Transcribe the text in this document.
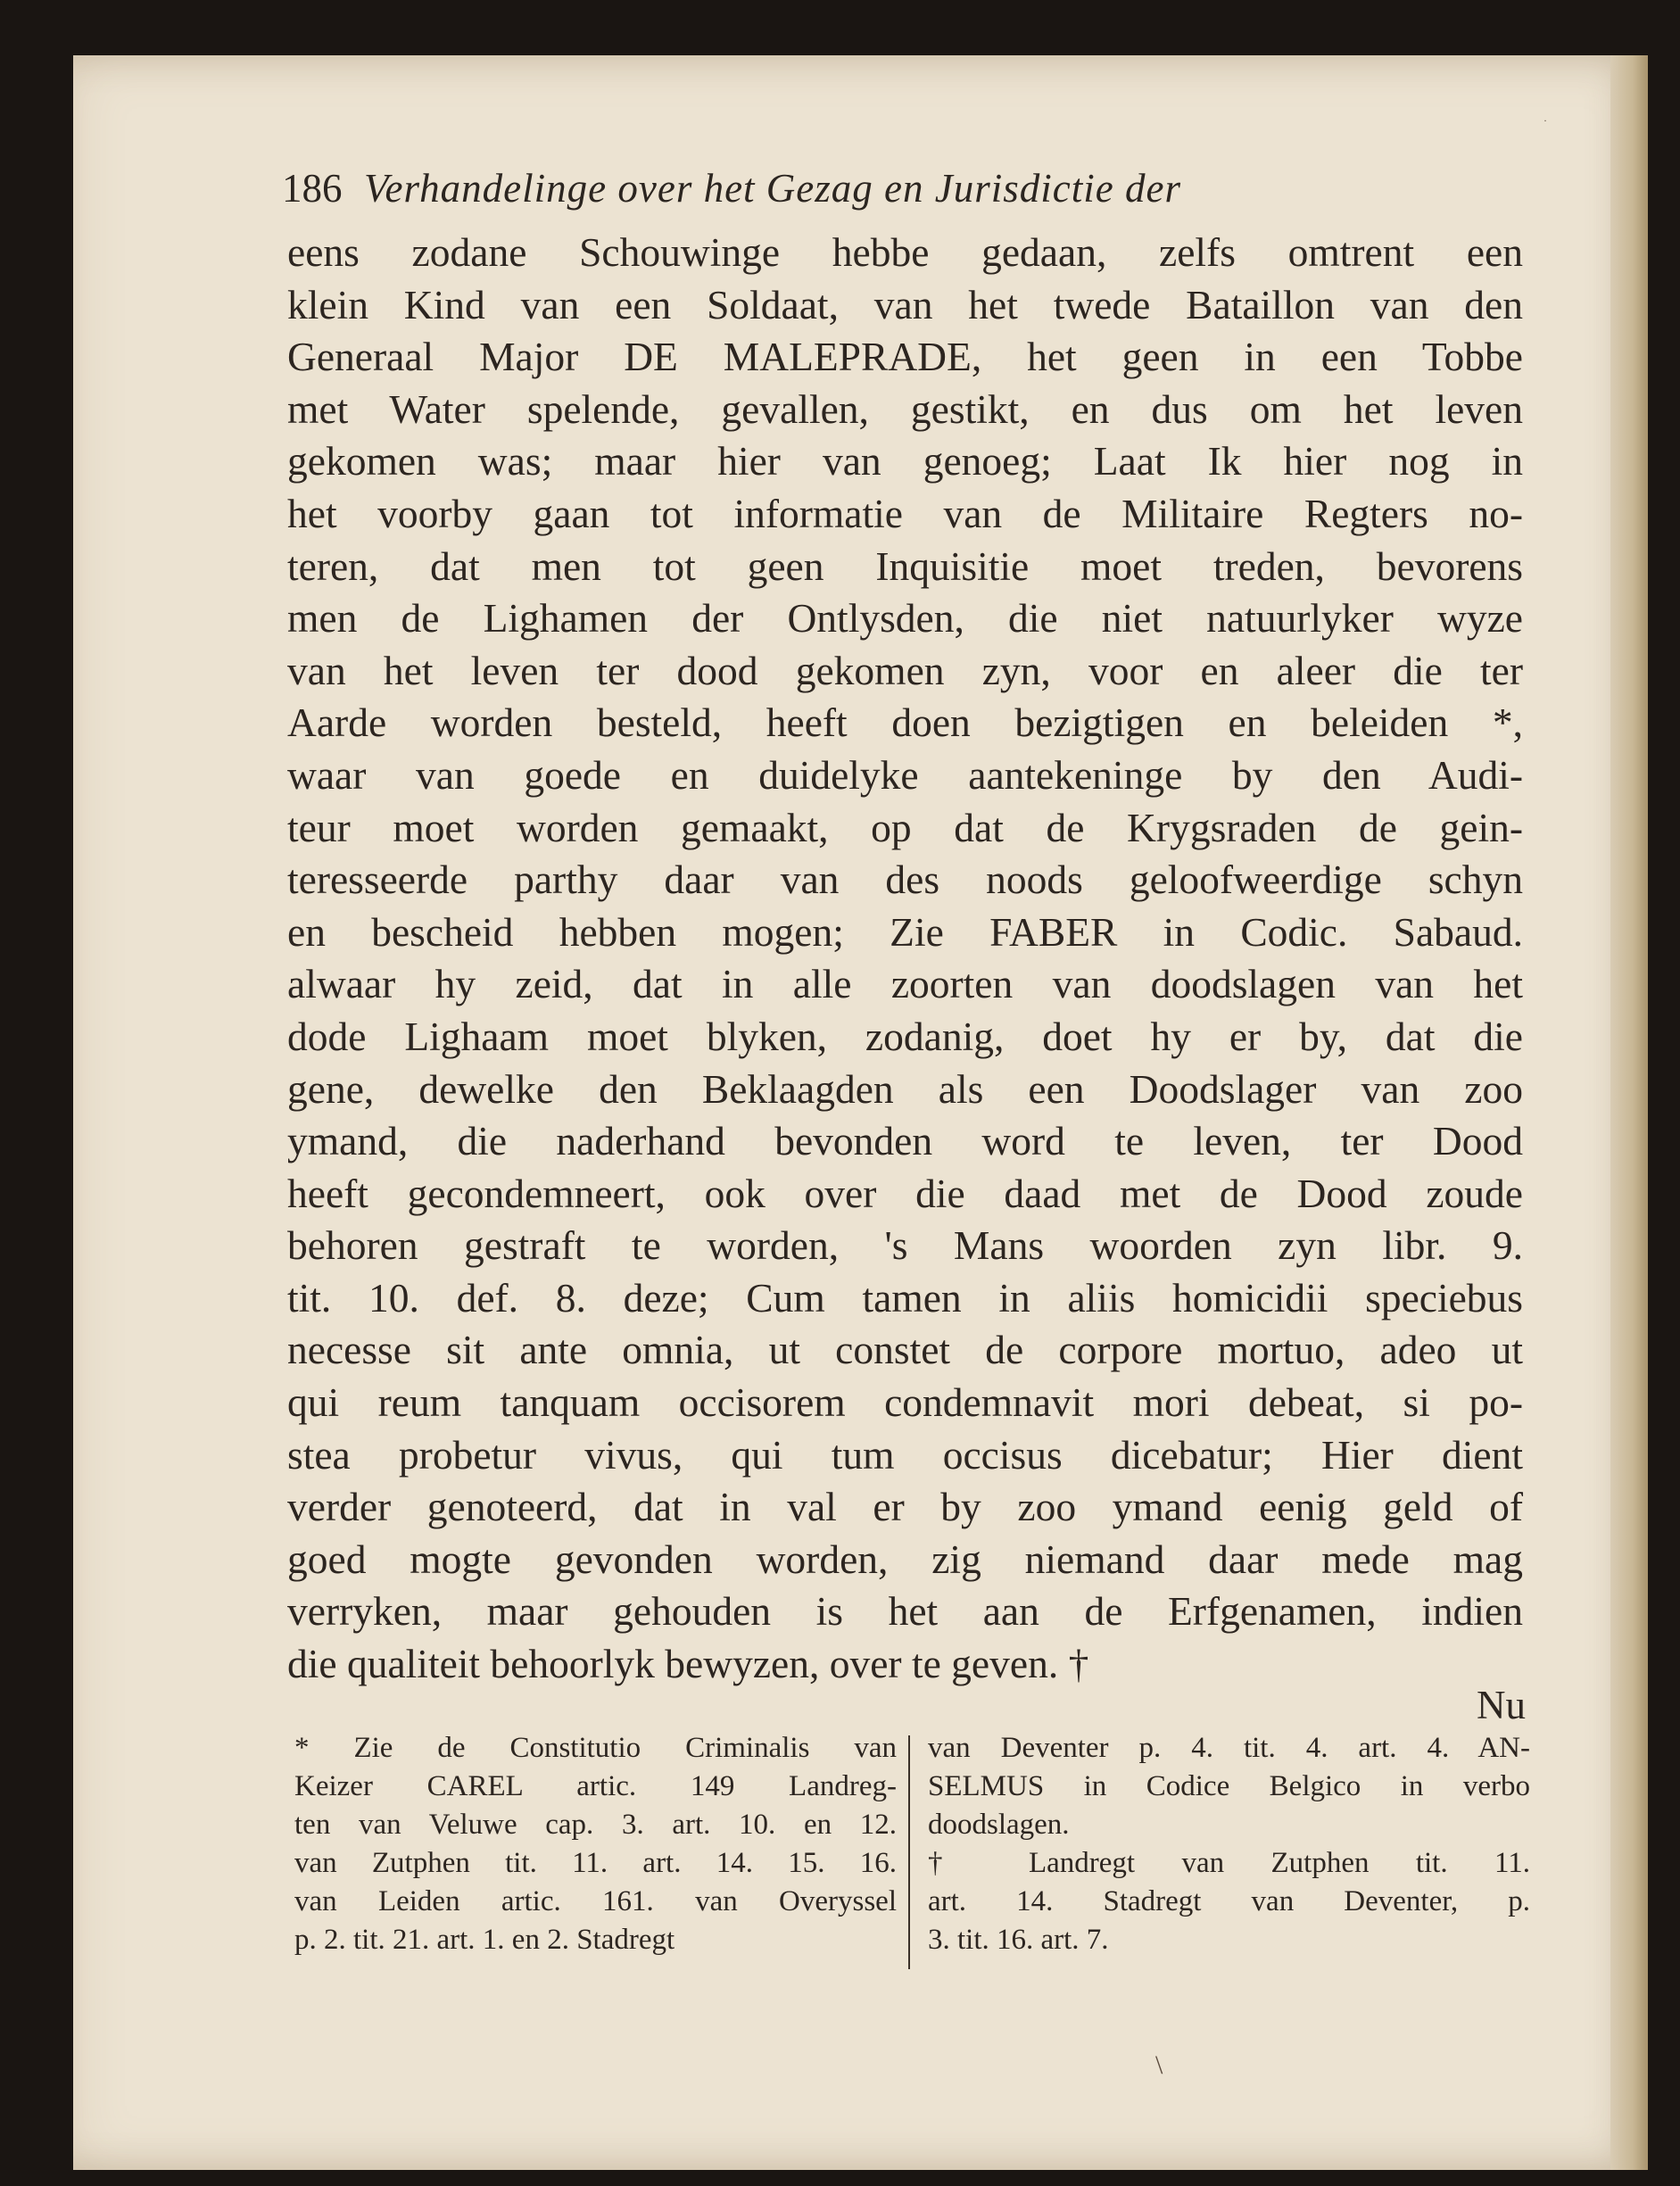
186 Verhandelinge over het Gezag en Jurisdictie der
eens zodane Schouwinge hebbe gedaan, zelfs omtrent een
klein Kind van een Soldaat, van het twede Bataillon van den
Generaal Major DE MALEPRADE, het geen in een Tobbe
met Water spelende, gevallen, gestikt, en dus om het leven
gekomen was; maar hier van genoeg; Laat Ik hier nog in
het voorby gaan tot informatie van de Militaire Regters no-
teren, dat men tot geen Inquisitie moet treden, bevorens
men de Lighamen der Ontlysden, die niet natuurlyker wyze
van het leven ter dood gekomen zyn, voor en aleer die ter
Aarde worden besteld, heeft doen bezigtigen en beleiden *,
waar van goede en duidelyke aantekeninge by den Audi-
teur moet worden gemaakt, op dat de Krygsraden de gein-
teresseerde parthy daar van des noods geloofweerdige schyn
en bescheid hebben mogen; Zie FABER in Codic. Sabaud.
alwaar hy zeid, dat in alle zoorten van doodslagen van het
dode Lighaam moet blyken, zodanig, doet hy er by, dat die
gene, dewelke den Beklaagden als een Doodslager van zoo
ymand, die naderhand bevonden word te leven, ter Dood
heeft gecondemneert, ook over die daad met de Dood zoude
behoren gestraft te worden, 's Mans woorden zyn libr. 9.
tit. 10. def. 8. deze; Cum tamen in aliis homicidii speciebus
necesse sit ante omnia, ut constet de corpore mortuo, adeo ut
qui reum tanquam occisorem condemnavit mori debeat, si po-
stea probetur vivus, qui tum occisus dicebatur; Hier dient
verder genoteerd, dat in val er by zoo ymand eenig geld of
goed mogte gevonden worden, zig niemand daar mede mag
verryken, maar gehouden is het aan de Erfgenamen, indien
die qualiteit behoorlyk bewyzen, over te geven. †
Nu
* Zie de Constitutio Criminalis van
Keizer CAREL artic. 149 Landreg-
ten van Veluwe cap. 3. art. 10. en 12.
van Zutphen tit. 11. art. 14. 15. 16.
van Leiden artic. 161. van Overyssel
p. 2. tit. 21. art. 1. en 2. Stadregt
van Deventer p. 4. tit. 4. art. 4. AN-
SELMUS in Codice Belgico in verbo
doodslagen.
† Landregt van Zutphen tit. 11.
art. 14. Stadregt van Deventer, p.
3. tit. 16. art. 7.
·
\
